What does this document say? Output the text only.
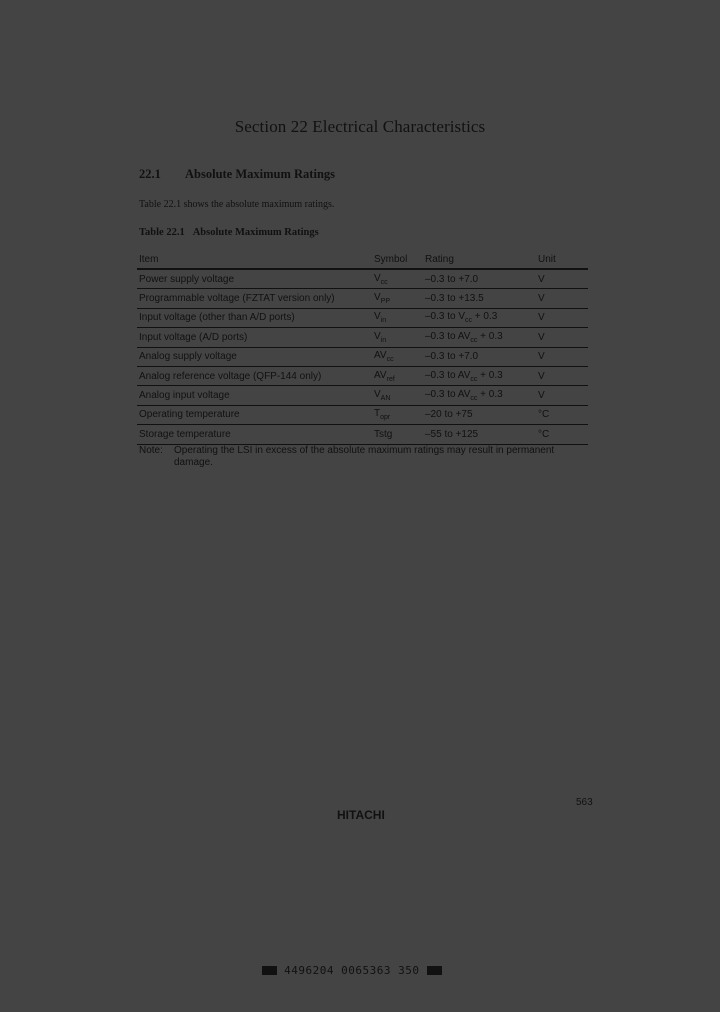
Section 22 Electrical Characteristics
22.1 Absolute Maximum Ratings
Table 22.1 shows the absolute maximum ratings.
Table 22.1 Absolute Maximum Ratings
Item	Symbol	Rating	Unit
Power supply voltage	$V_{cc}$	–0.3 to +7.0	V
Programmable voltage (FZTAT version only)	$V_{PP}$	–0.3 to +13.5	V
Input voltage (other than A/D ports)	$V_{in}$	–0.3 to $V_{cc} + 0.3$	V
Input voltage (A/D ports)	$V_{in}$	–0.3 to $AV_{cc} + 0.3$	V
Analog supply voltage	$AV_{cc}$	–0.3 to +7.0	V
Analog reference voltage (QFP-144 only)	$AV_{ref}$	–0.3 to $AV_{cc} + 0.3$	V
Analog input voltage	$V_{AN}$	–0.3 to $AV_{cc} + 0.3$	V
Operating temperature	$T_{opr}$	–20 to +75	°C
Storage temperature	Tstg	–55 to +125	°C
Note: Operating the LSI in excess of the absolute maximum ratings may result in permanent damage.
563
HITACHI
4496204 0065363 350
